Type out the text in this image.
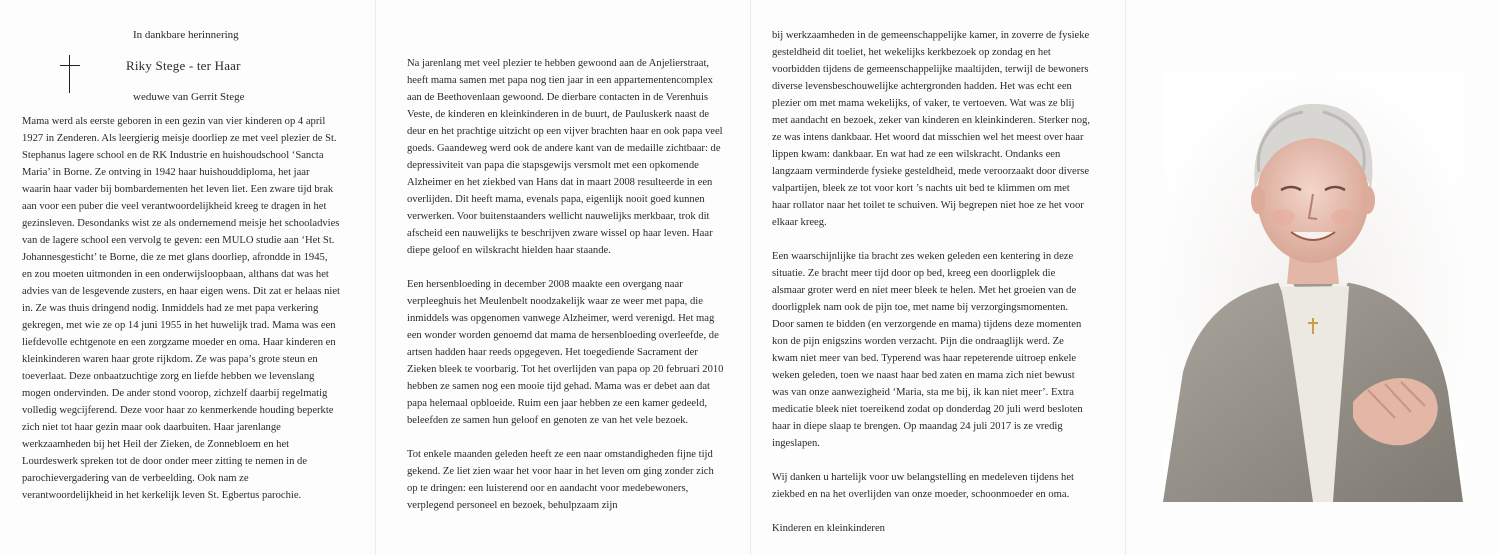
In dankbare herinnering
Riky Stege - ter Haar
weduwe van Gerrit Stege

Mama werd als eerste geboren in een gezin van vier kinderen op 4 april 1927 in Zenderen. Als leergierig meisje doorliep ze met veel plezier de St. Stephanus lagere school en de RK Industrie en huishoudschool ‘Sancta Maria’ in Borne. Ze ontving in 1942 haar huishouddiploma, het jaar waarin haar vader bij bombardementen het leven liet. Een zware tijd brak aan voor een puber die veel verantwoordelijkheid kreeg te dragen in het gezinsleven. Desondanks wist ze als ondernemend meisje het schooladvies van de lagere school een vervolg te geven: een MULO studie aan ‘Het St. Johannesgesticht’ te Borne, die ze met glans doorliep, afrondde in 1945, en zou moeten uitmonden in een onderwijsloopbaan, althans dat was het advies van de lesgevende zusters, en haar eigen wens. Dit zat er helaas niet in. Ze was thuis dringend nodig. Inmiddels had ze met papa verkering gekregen, met wie ze op 14 juni 1955 in het huwelijk trad. Mama was een liefdevolle echtgenote en een zorgzame moeder en oma. Haar kinderen en kleinkinderen waren haar grote rijkdom. Ze was papa’s grote steun en toeverlaat. Deze onbaatzuchtige zorg en liefde hebben we levenslang mogen ondervinden. De ander stond voorop, zichzelf daarbij regelmatig volledig wegcijferend. Deze voor haar zo kenmerkende houding beperkte zich niet tot haar gezin maar ook daarbuiten. Haar jarenlange werkzaamheden bij het Heil der Zieken, de Zonnebloem en het Lourdeswerk spreken tot de door onder meer zitting te nemen in de parochievergadering van de verbeelding. Ook nam ze verantwoordelijkheid in het kerkelijk leven St. Egbertus parochie.

Na jarenlang met veel plezier te hebben gewoond aan de Anjelierstraat, heeft mama samen met papa nog tien jaar in een appartementencomplex aan de Beethovenlaan gewoond. De dierbare contacten in de Verenhuis Veste, de kinderen en kleinkinderen in de buurt, de Pauluskerk naast de deur en het prachtige uitzicht op een vijver brachten haar en ook papa veel goeds. Gaandeweg werd ook de andere kant van de medaille zichtbaar: de depressiviteit van papa die stapsgewijs versmolt met een opkomende Alzheimer en het ziekbed van Hans dat in maart 2008 resulteerde in een overlijden. Dit heeft mama, evenals papa, eigenlijk nooit goed kunnen verwerken. Voor buitenstaanders wellicht nauwelijks merkbaar, trok dit afscheid een nauwelijks te beschrijven zware wissel op haar leven. Haar diepe geloof en wilskracht hielden haar staande.

Een hersenbloeding in december 2008 maakte een overgang naar verpleeghuis het Meulenbelt noodzakelijk waar ze weer met papa, die inmiddels was opgenomen vanwege Alzheimer, werd verenigd. Het mag een wonder worden genoemd dat mama de hersenbloeding overleefde, de artsen hadden haar reeds opgegeven. Het toegediende Sacrament der Zieken bleek te voorbarig. Tot het overlijden van papa op 20 februari 2010 hebben ze samen nog een mooie tijd gehad. Mama was er debet aan dat papa helemaal opbloeide. Ruim een jaar hebben ze een kamer gedeeld, beleefden ze samen hun geloof en genoten ze van het vele bezoek.

Tot enkele maanden geleden heeft ze een naar omstandigheden fijne tijd gekend. Ze liet zien waar het voor haar in het leven om ging zonder zich op te dringen: een luisterend oor en aandacht voor medebewoners, verplegend personeel en bezoek, behulpzaam zijn

bij werkzaamheden in de gemeenschappelijke kamer, in zoverre de fysieke gesteldheid dit toeliet, het wekelijks kerkbezoek op zondag en het voorbidden tijdens de gemeenschappelijke maaltijden, terwijl de bewoners diverse levensbeschouwelijke achtergronden hadden. Het was echt een plezier om met mama wekelijks, of vaker, te vertoeven. Wat was ze blij met aandacht en bezoek, zeker van kinderen en kleinkinderen. Sterker nog, ze was intens dankbaar. Het woord dat misschien wel het meest over haar lippen kwam: dankbaar. En wat had ze een wilskracht. Ondanks een langzaam verminderde fysieke gesteldheid, mede veroorzaakt door diverse valpartijen, bleek ze tot voor kort ’s nachts uit bed te klimmen om met haar rollator naar het toilet te schuiven. Wij begrepen niet hoe ze het voor elkaar kreeg.

Een waarschijnlijke tia bracht zes weken geleden een kentering in deze situatie. Ze bracht meer tijd door op bed, kreeg een doorligplek die alsmaar groter werd en niet meer bleek te helen. Met het groeien van de doorligplek nam ook de pijn toe, met name bij verzorgingsmomenten. Door samen te bidden (en verzorgende en mama) tijdens deze momenten kon de pijn enigszins worden verzacht. Pijn die ondraaglijk werd. Ze kwam niet meer van bed. Typerend was haar repeterende uitroep enkele weken geleden, toen we naast haar bed zaten en mama zich niet bewust was van onze aanwezigheid ‘Maria, sta me bij, ik kan niet meer’. Extra medicatie bleek niet toereikend zodat op donderdag 20 juli werd besloten haar in diepe slaap te brengen. Op maandag 24 juli 2017 is ze vredig ingeslapen.

Wij danken u hartelijk voor uw belangstelling en medeleven tijdens het ziekbed en na het overlijden van onze moeder, schoonmoeder en oma.

Kinderen en kleinkinderen
